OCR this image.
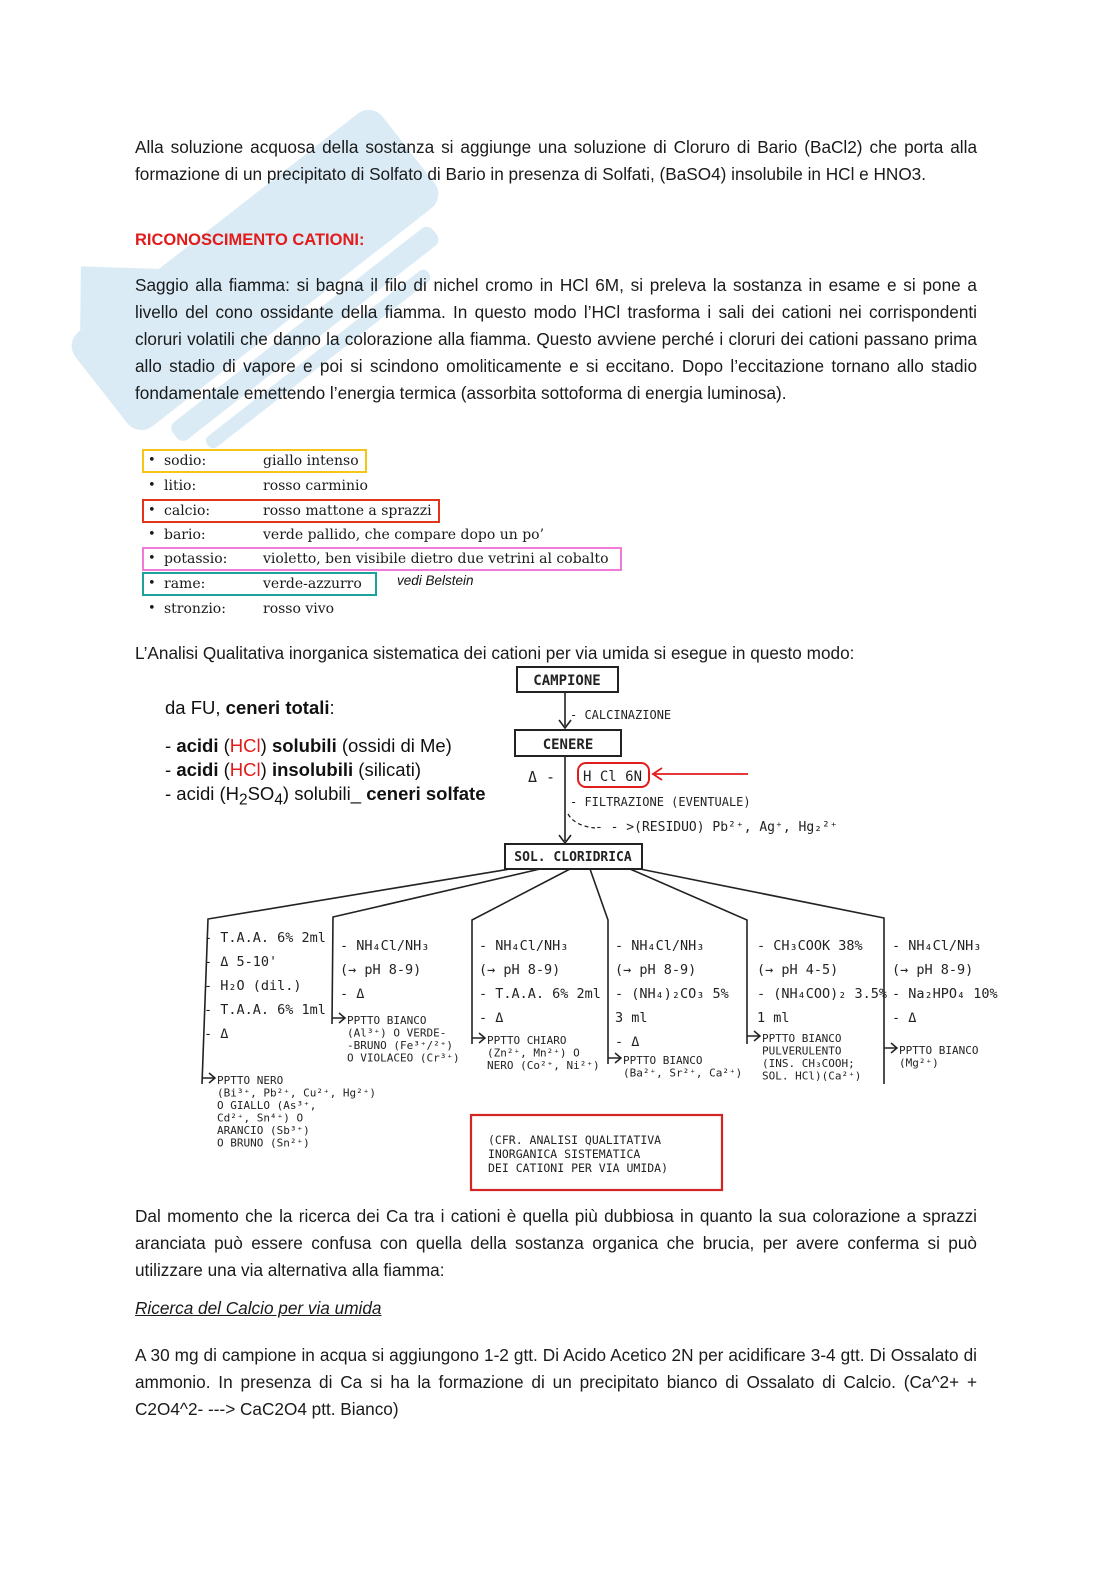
Alla soluzione acquosa della sostanza si aggiunge una soluzione di Cloruro di Bario (BaCl2) che porta alla formazione di un precipitato di Solfato di Bario in presenza di Solfati, (BaSO4) insolubile in HCl e HNO3.

RICONOSCIMENTO CATIONI:

Saggio alla fiamma: si bagna il filo di nichel cromo in HCl 6M, si preleva la sostanza in esame e si pone a livello del cono ossidante della fiamma. In questo modo l’HCl trasforma i sali dei cationi nei corrispondenti cloruri volatili che danno la colorazione alla fiamma. Questo avviene perché i cloruri dei cationi passano prima allo stadio di vapore e poi si scindono omoliticamente e si eccitano. Dopo l’eccitazione tornano allo stadio fondamentale emettendo l’energia termica (assorbita sottoforma di energia luminosa).

• sodio:	giallo intenso
• litio:	rosso carminio
• calcio:	rosso mattone a sprazzi
• bario:	verde pallido, che compare dopo un po’
• potassio:	violetto, ben visibile dietro due vetrini al cobalto
• rame:	verde-azzurro
• stronzio:	rosso vivo
vedi Belstein

L’Analisi Qualitativa inorganica sistematica dei cationi per via umida si esegue in questo modo:

da FU, ceneri totali:
- acidi (HCl) solubili (ossidi di Me)
- acidi (HCl) insolubili (silicati)
- acidi $(H_2SO_4)$ solubili_ ceneri solfate
CAMPIONE
- CALCINAZIONE
CENERE
Δ - H Cl 6N
- FILTRAZIONE (EVENTUALE)
- - >(RESIDUO) Pb²⁺, Ag⁺, Hg₂²⁺
SOL. CLORIDRICA
- T.A.A. 6% 2ml
- Δ 5-10'
- H₂O (dil.)
- T.A.A. 6% 1ml
- Δ
PPTTO NERO
(Bi³⁺, Pb²⁺, Cu²⁺, Hg²⁺)
O GIALLO (As³⁺,
Cd²⁺, Sn⁴⁺) O
ARANCIO (Sb³⁺)
O BRUNO (Sn²⁺)
- NH₄Cl/NH₃
(→ pH 8-9)
- Δ
PPTTO BIANCO
(Al³⁺) O VERDE-
-BRUNO (Fe³⁺/²⁺)
O VIOLACEO (Cr³⁺)
- NH₄Cl/NH₃
(→ pH 8-9)
- T.A.A. 6% 2ml
- Δ
PPTTO CHIARO
(Zn²⁺, Mn²⁺) O
NERO (Co²⁺, Ni²⁺)
- NH₄Cl/NH₃
(→ pH 8-9)
- (NH₄)₂CO₃ 5%
3 ml
- Δ
PPTTO BIANCO
(Ba²⁺, Sr²⁺, Ca²⁺)
- CH₃COOK 38%
(→ pH 4-5)
- (NH₄COO)₂ 3.5%
1 ml
PPTTO BIANCO
PULVERULENTO
(INS. CH₃COOH;
SOL. HCl)(Ca²⁺)
- NH₄Cl/NH₃
(→ pH 8-9)
- Na₂HPO₄ 10%
- Δ
PPTTO BIANCO
(Mg²⁺)
(CFR. ANALISI QUALITATIVA
INORGANICA SISTEMATICA
DEI CATIONI PER VIA UMIDA)

Dal momento che la ricerca dei Ca tra i cationi è quella più dubbiosa in quanto la sua colorazione a sprazzi aranciata può essere confusa con quella della sostanza organica che brucia, per avere conferma si può utilizzare una via alternativa alla fiamma:

Ricerca del Calcio per via umida

A 30 mg di campione in acqua si aggiungono 1-2 gtt. Di Acido Acetico 2N per acidificare 3-4 gtt. Di Ossalato di ammonio. In presenza di Ca si ha la formazione di un precipitato bianco di Ossalato di Calcio. (Ca^2+ + C2O4^2- ---> CaC2O4 ptt. Bianco)
